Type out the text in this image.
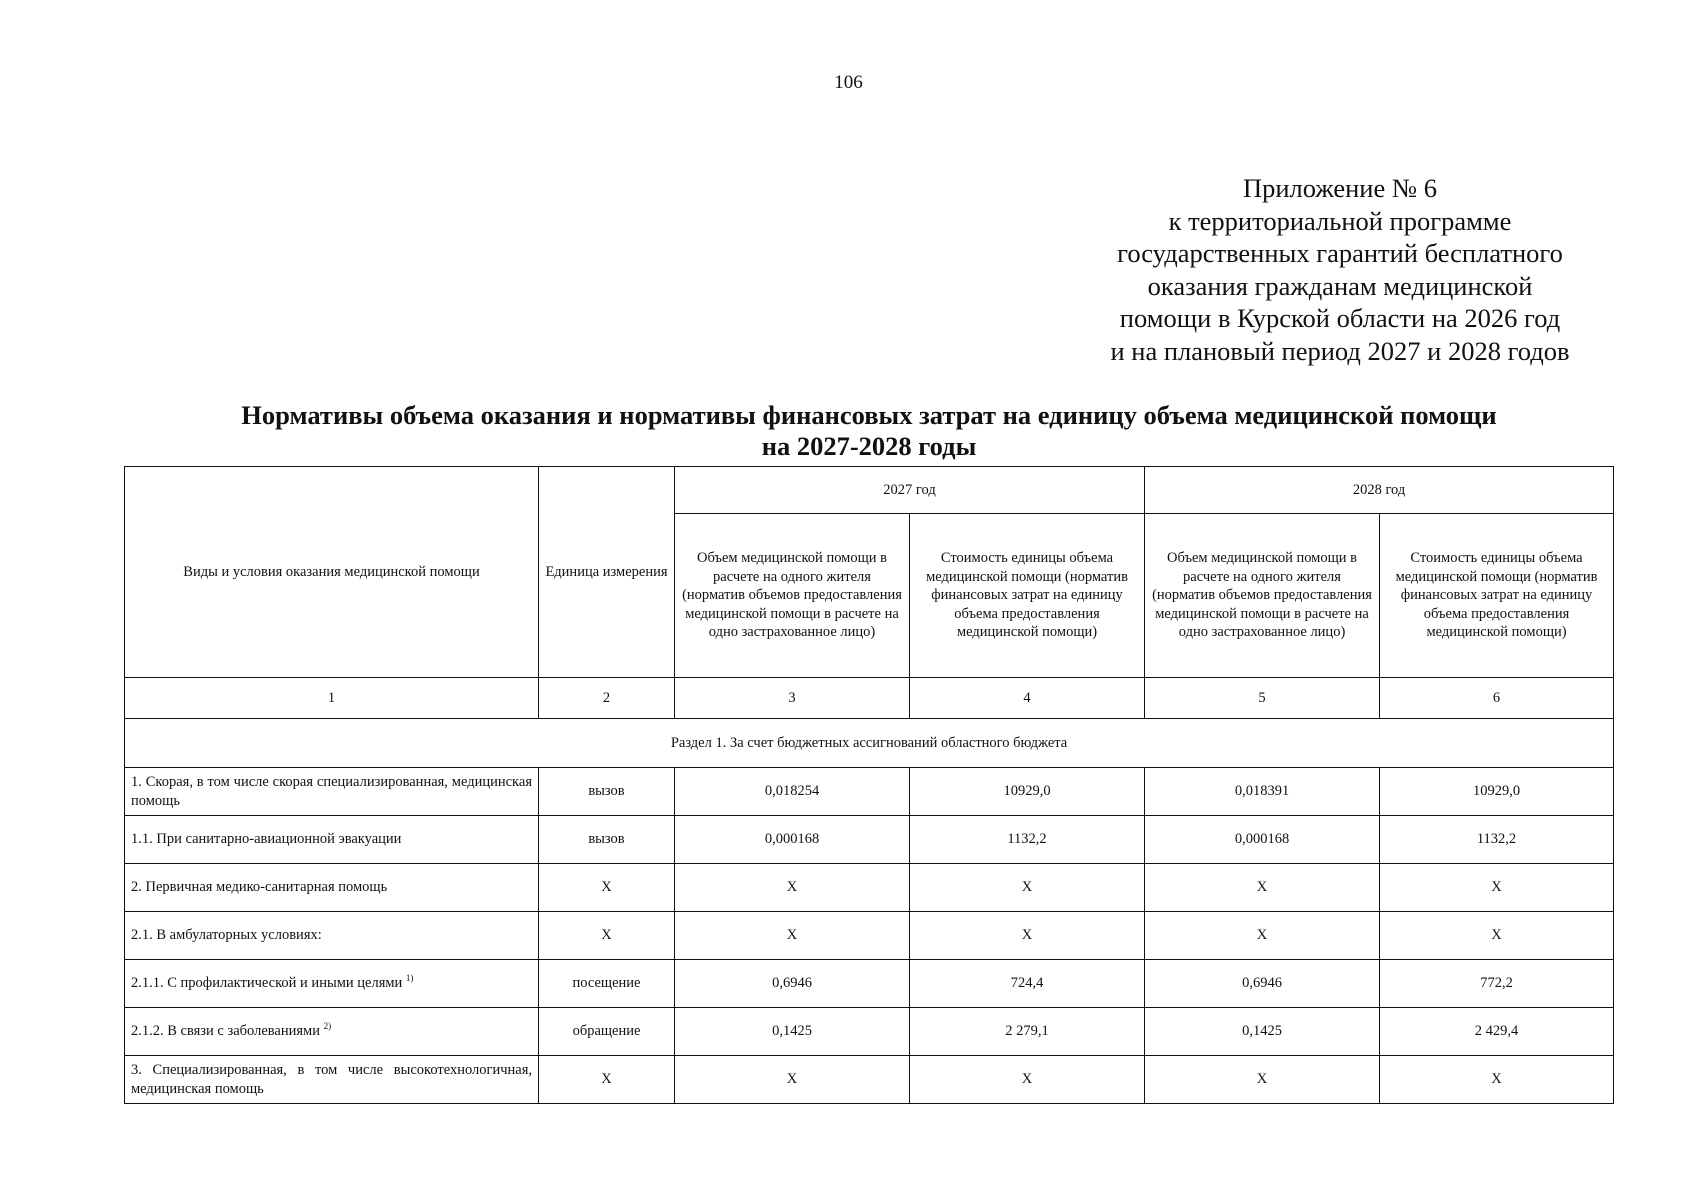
106
Приложение № 6
к территориальной программе
государственных гарантий бесплатного
оказания гражданам медицинской
помощи в Курской области на 2026 год
и на плановый период 2027 и 2028 годов
Нормативы объема оказания и нормативы финансовых затрат на единицу объема медицинской помощи
на 2027-2028 годы
Виды и условия оказания медицинской помощи	Единица измерения	2027 год		2028 год	
		Объем медицинской помощи в расчете на одного жителя (норматив объемов предоставления медицинской помощи в расчете на одно застрахованное лицо)	Стоимость единицы объема медицинской помощи (норматив финансовых затрат на единицу объема предоставления медицинской помощи)	Объем медицинской помощи в расчете на одного жителя (норматив объемов предоставления медицинской помощи в расчете на одно застрахованное лицо)	Стоимость единицы объема медицинской помощи (норматив финансовых затрат на единицу объема предоставления медицинской помощи)
1	2	3	4	5	6
Раздел 1. За счет бюджетных ассигнований областного бюджета					
1. Скорая, в том числе скорая специализированная, медицинская помощь	вызов	0,018254	10929,0	0,018391	10929,0
1.1. При санитарно-авиационной эвакуации	вызов	0,000168	1132,2	0,000168	1132,2
2. Первичная медико-санитарная помощь	Х	Х	Х	Х	Х
2.1. В амбулаторных условиях:	Х	Х	Х	Х	Х
2.1.1. С профилактической и иными целями $^{1)}$	посещение	0,6946	724,4	0,6946	772,2
2.1.2. В связи с заболеваниями $^{2)}$	обращение	0,1425	2 279,1	0,1425	2 429,4
3. Специализированная, в том числе высокотехнологичная, медицинская помощь	Х	Х	Х	Х	Х
